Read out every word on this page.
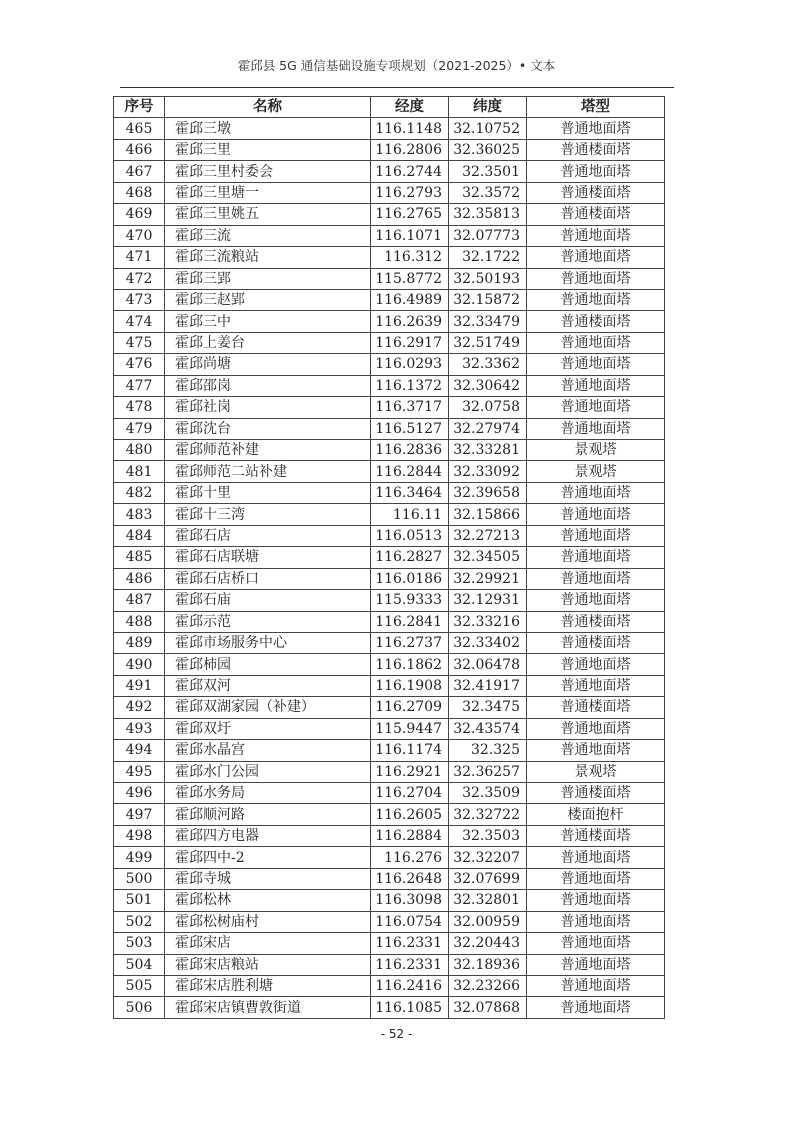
霍邱县 5G 通信基础设施专项规划（2021-2025）• 文本
序号	名称	经度	纬度	塔型
465	霍邱三墩	116.1148	32.10752	普通地面塔
466	霍邱三里	116.2806	32.36025	普通楼面塔
467	霍邱三里村委会	116.2744	32.3501	普通地面塔
468	霍邱三里塘一	116.2793	32.3572	普通楼面塔
469	霍邱三里姚五	116.2765	32.35813	普通楼面塔
470	霍邱三流	116.1071	32.07773	普通地面塔
471	霍邱三流粮站	116.312	32.1722	普通地面塔
472	霍邱三郢	115.8772	32.50193	普通地面塔
473	霍邱三赵郢	116.4989	32.15872	普通地面塔
474	霍邱三中	116.2639	32.33479	普通楼面塔
475	霍邱上姜台	116.2917	32.51749	普通地面塔
476	霍邱尚塘	116.0293	32.3362	普通地面塔
477	霍邱邵岗	116.1372	32.30642	普通地面塔
478	霍邱社岗	116.3717	32.0758	普通地面塔
479	霍邱沈台	116.5127	32.27974	普通地面塔
480	霍邱师范补建	116.2836	32.33281	景观塔
481	霍邱师范二站补建	116.2844	32.33092	景观塔
482	霍邱十里	116.3464	32.39658	普通地面塔
483	霍邱十三湾	116.11	32.15866	普通地面塔
484	霍邱石店	116.0513	32.27213	普通地面塔
485	霍邱石店联塘	116.2827	32.34505	普通地面塔
486	霍邱石店桥口	116.0186	32.29921	普通地面塔
487	霍邱石庙	115.9333	32.12931	普通地面塔
488	霍邱示范	116.2841	32.33216	普通楼面塔
489	霍邱市场服务中心	116.2737	32.33402	普通楼面塔
490	霍邱柿园	116.1862	32.06478	普通地面塔
491	霍邱双河	116.1908	32.41917	普通地面塔
492	霍邱双湖家园（补建）	116.2709	32.3475	普通楼面塔
493	霍邱双圩	115.9447	32.43574	普通地面塔
494	霍邱水晶宫	116.1174	32.325	普通地面塔
495	霍邱水门公园	116.2921	32.36257	景观塔
496	霍邱水务局	116.2704	32.3509	普通楼面塔
497	霍邱顺河路	116.2605	32.32722	楼面抱杆
498	霍邱四方电器	116.2884	32.3503	普通楼面塔
499	霍邱四中-2	116.276	32.32207	普通地面塔
500	霍邱寺城	116.2648	32.07699	普通地面塔
501	霍邱松林	116.3098	32.32801	普通地面塔
502	霍邱松树庙村	116.0754	32.00959	普通地面塔
503	霍邱宋店	116.2331	32.20443	普通地面塔
504	霍邱宋店粮站	116.2331	32.18936	普通地面塔
505	霍邱宋店胜利塘	116.2416	32.23266	普通地面塔
506	霍邱宋店镇曹敦街道	116.1085	32.07868	普通地面塔
- 52 -
